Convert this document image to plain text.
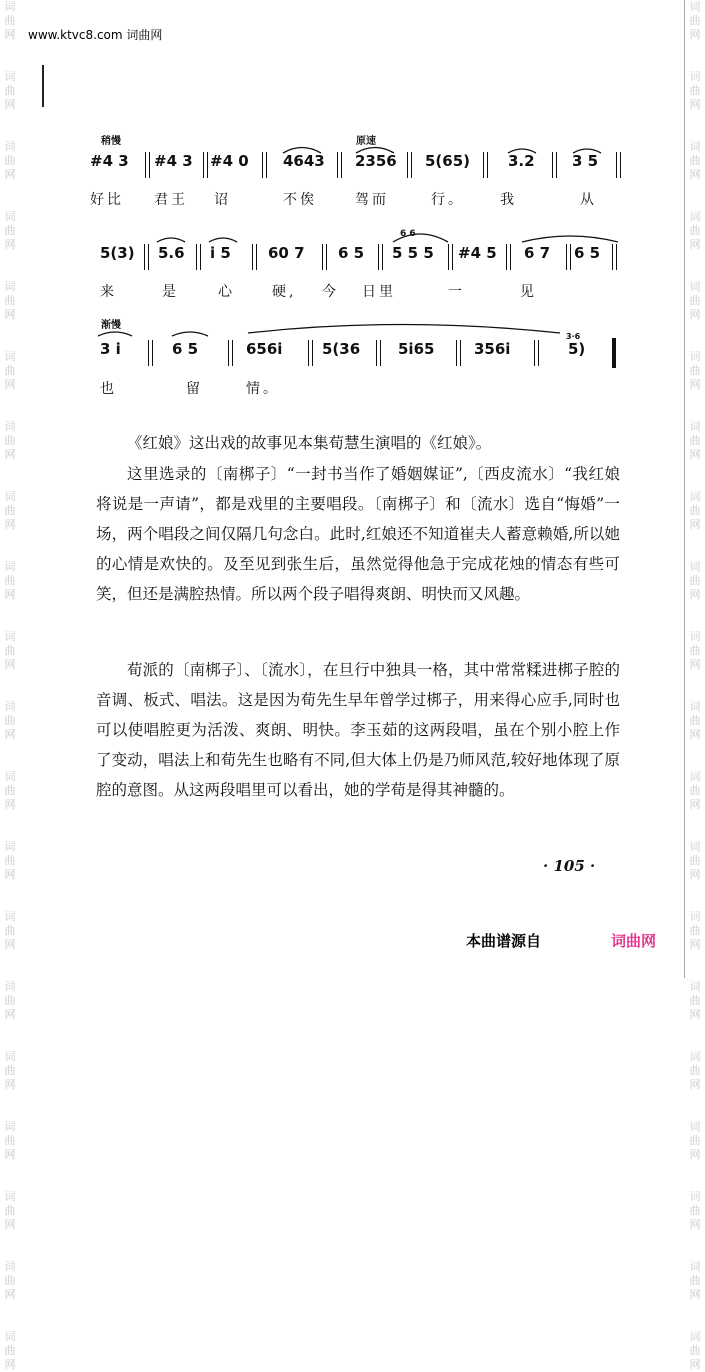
词
曲
网

词
曲
网

词
曲
网

词
曲
网

词
曲
网

词
曲
网

词
曲
网

词
曲
网

词
曲
网

词
曲
网

词
曲
网

词
曲
网

词
曲
网

词
曲
网

词
曲
网

词
曲
网

词
曲
网

词
曲
网

词
曲
网

词
曲
网

词
曲
网

词
曲
网

词
曲
网

词
曲
网

词
曲
网

词
曲
网

词
曲
网

词
曲
网

词
曲
网

词
曲
网

词
曲
网

词
曲
网

词
曲
网

词
曲
网

词
曲
网

词
曲
网

词
曲
网

词
曲
网

词
曲
网

词
曲
网

www.ktvc8.com 词曲网
稍慢	原速
渐慢
#4 3 #4 3 #4 0 4643 2356 5(65)	3.2 3 5
好比 君王 诏	不俟	驾而	行。	我	从
6 6
5(3) 5.6 i 5 60 7 6 5 5 5 5 #4 5 6 7 6 5
来	是	心	硬, 今 日里	一	见
3·6
3 i	6 5	656i	5(36	5i65	356i	5)
也	留	情。
《红娘》这出戏的故事见本集荀慧生演唱的《红娘》。
这里选录的〔南梆子〕“一封书当作了婚姻媒证”,〔西皮流水〕“我红娘将说是一声请”，都是戏里的主要唱段。〔南梆子〕和〔流水〕选自“悔婚”一场，两个唱段之间仅隔几句念白。此时,红娘还不知道崔夫人蓄意赖婚,所以她的心情是欢快的。及至见到张生后，虽然觉得他急于完成花烛的情态有些可笑，但还是满腔热情。所以两个段子唱得爽朗、明快而又风趣。
荀派的〔南梆子〕、〔流水〕，在旦行中独具一格，其中常常糅进梆子腔的音调、板式、唱法。这是因为荀先生早年曾学过梆子，用来得心应手,同时也可以使唱腔更为活泼、爽朗、明快。李玉茹的这两段唱，虽在个别小腔上作了变动，唱法上和荀先生也略有不同,但大体上仍是乃师风范,较好地体现了原腔的意图。从这两段唱里可以看出，她的学荀是得其神髓的。
· 105 ·
本曲谱源自	词曲网
